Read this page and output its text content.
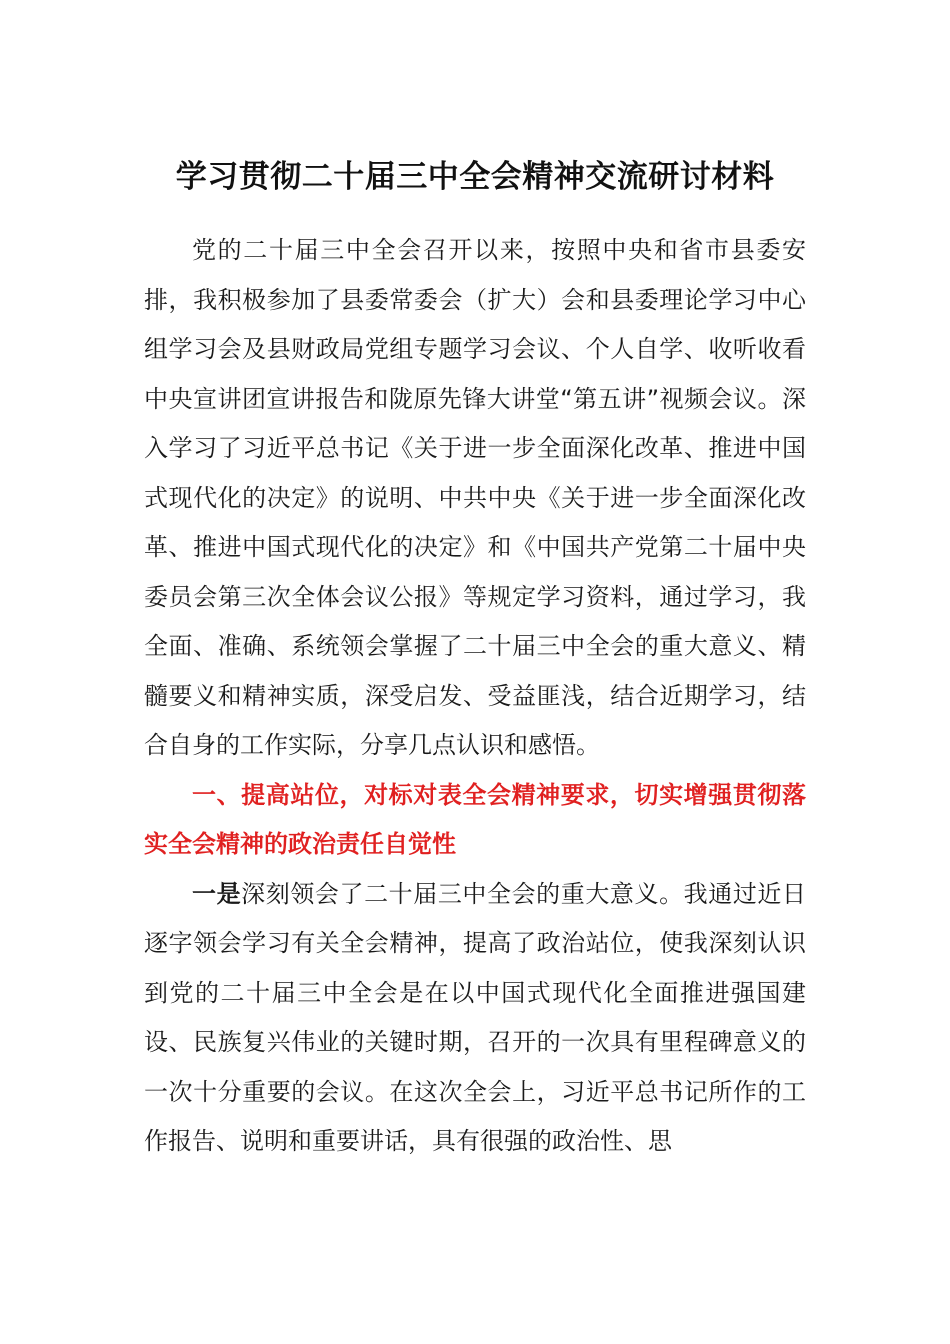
学习贯彻二十届三中全会精神交流研讨材料

党的二十届三中全会召开以来，按照中央和省市县委安排，我积极参加了县委常委会（扩大）会和县委理论学习中心组学习会及县财政局党组专题学习会议、个人自学、收听收看中央宣讲团宣讲报告和陇原先锋大讲堂“第五讲”视频会议。深入学习了习近平总书记《关于进一步全面深化改革、推进中国式现代化的决定》的说明、中共中央《关于进一步全面深化改革、推进中国式现代化的决定》和《中国共产党第二十届中央委员会第三次全体会议公报》等规定学习资料，通过学习，我全面、准确、系统领会掌握了二十届三中全会的重大意义、精髓要义和精神实质，深受启发、受益匪浅，结合近期学习，结合自身的工作实际，分享几点认识和感悟。

一、提高站位，对标对表全会精神要求，切实增强贯彻落实全会精神的政治责任自觉性

一是深刻领会了二十届三中全会的重大意义。我通过近日逐字领会学习有关全会精神，提高了政治站位，使我深刻认识到党的二十届三中全会是在以中国式现代化全面推进强国建设、民族复兴伟业的关键时期，召开的一次具有里程碑意义的一次十分重要的会议。在这次全会上，习近平总书记所作的工作报告、说明和重要讲话，具有很强的政治性、思
